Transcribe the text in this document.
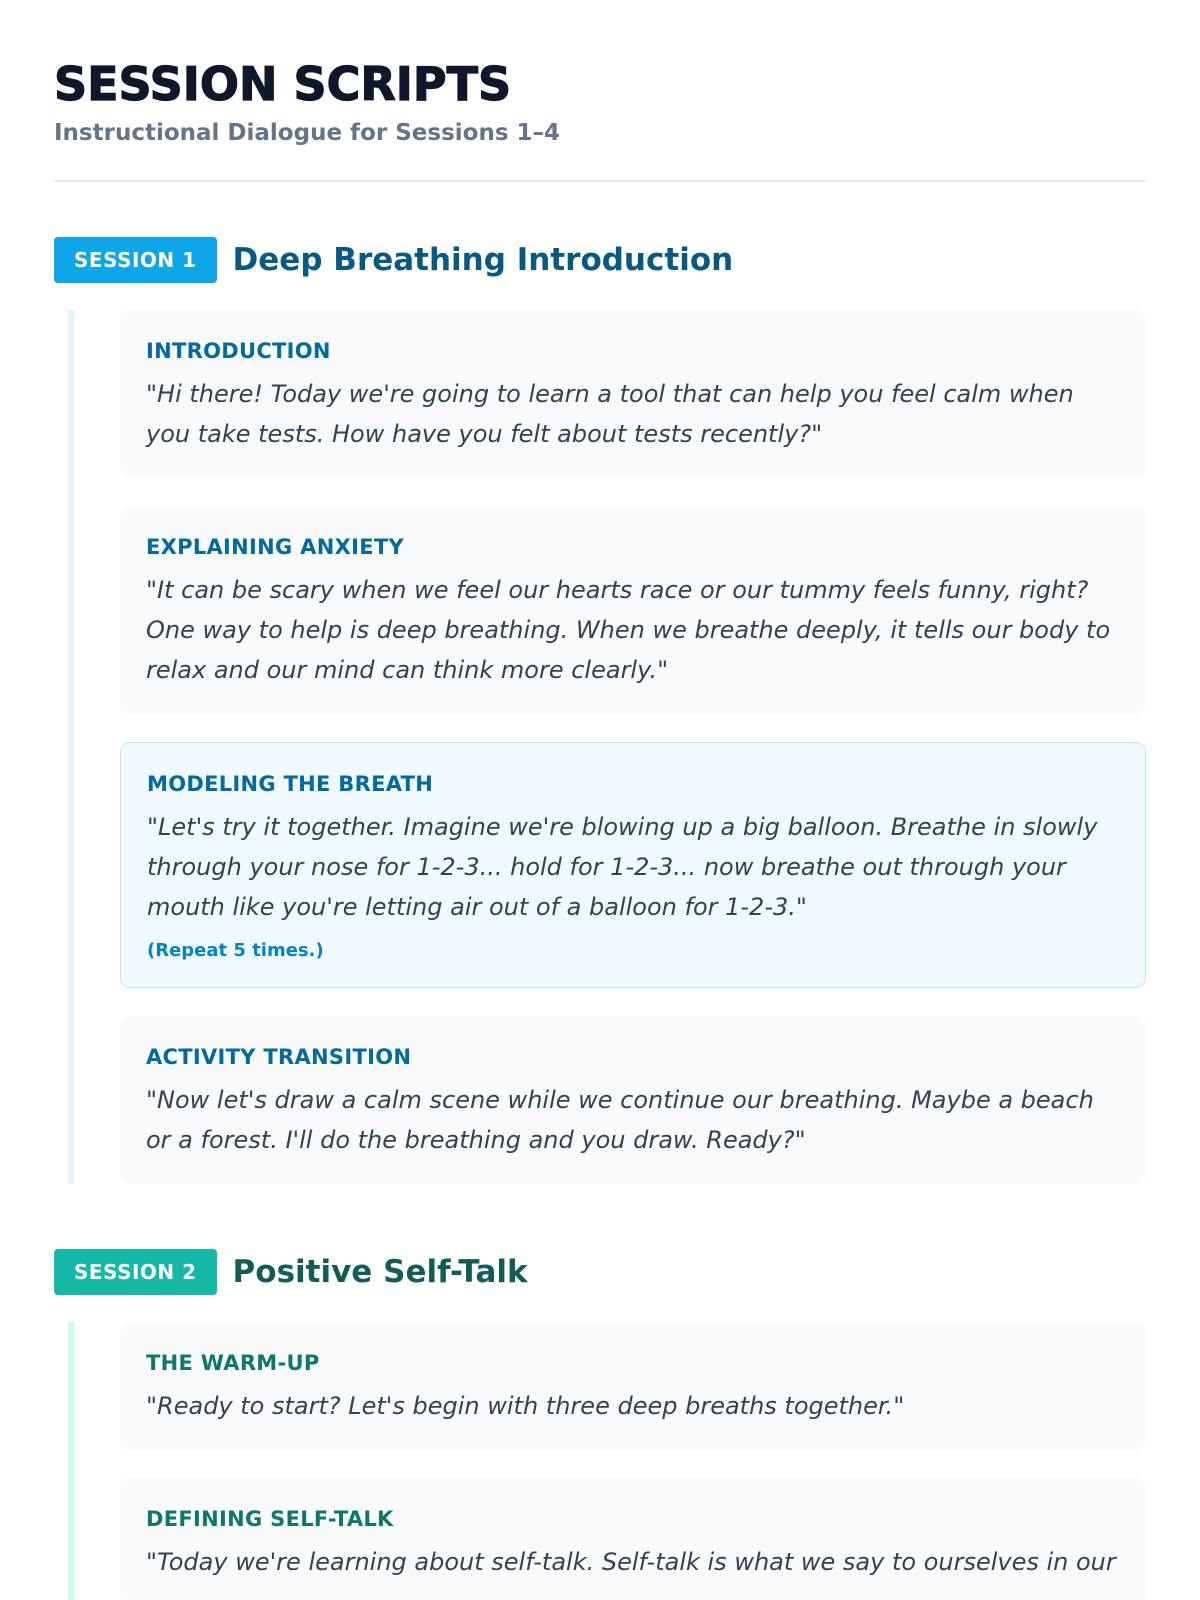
SESSION SCRIPTS
Instructional Dialogue for Sessions 1–4
SESSION 1	Deep Breathing Introduction
INTRODUCTION
"Hi there! Today we're going to learn a tool that can help you feel calm when you take tests. How have you felt about tests recently?"
EXPLAINING ANXIETY
"It can be scary when we feel our hearts race or our tummy feels funny, right? One way to help is deep breathing. When we breathe deeply, it tells our body to relax and our mind can think more clearly."
MODELING THE BREATH
"Let's try it together. Imagine we're blowing up a big balloon. Breathe in slowly through your nose for 1-2-3... hold for 1-2-3... now breathe out through your mouth like you're letting air out of a balloon for 1-2-3."
(Repeat 5 times.)
ACTIVITY TRANSITION
"Now let's draw a calm scene while we continue our breathing. Maybe a beach or a forest. I'll do the breathing and you draw. Ready?"
SESSION 2	Positive Self-Talk
THE WARM-UP
"Ready to start? Let's begin with three deep breaths together."
DEFINING SELF-TALK
"Today we're learning about self-talk. Self-talk is what we say to ourselves in our
